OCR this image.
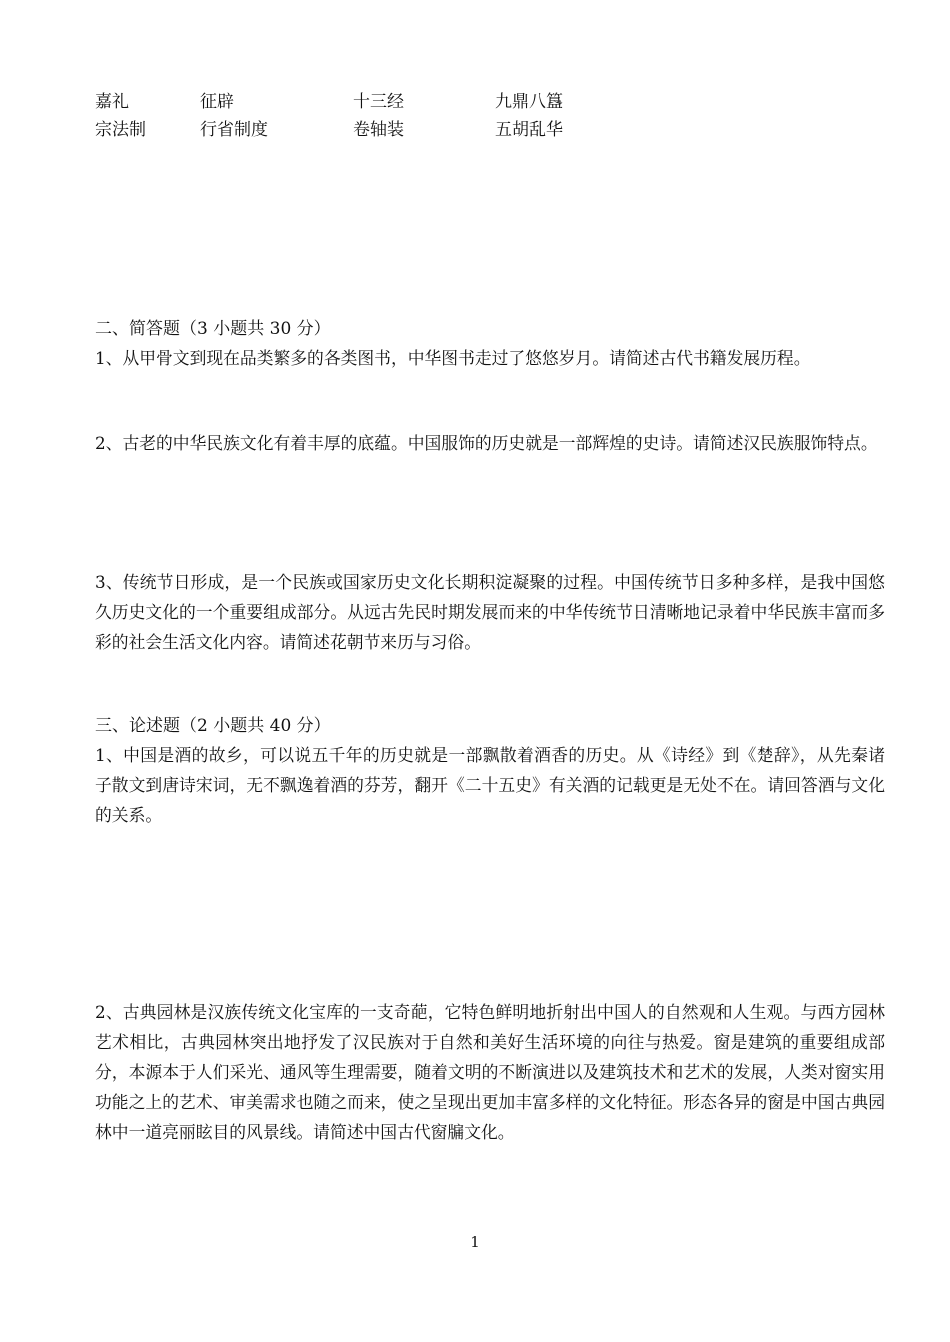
嘉礼	征辟	十三经	九鼎八簋
宗法制	行省制度	卷轴装	五胡乱华
二、简答题（3 小题共 30 分）

1、从甲骨文到现在品类繁多的各类图书，中华图书走过了悠悠岁月。请简述古代书籍发展历程。

2、古老的中华民族文化有着丰厚的底蕴。中国服饰的历史就是一部辉煌的史诗。请简述汉民族服饰特点。

3、传统节日形成，是一个民族或国家历史文化长期积淀凝聚的过程。中国传统节日多种多样，是我中国悠久历史文化的一个重要组成部分。从远古先民时期发展而来的中华传统节日清晰地记录着中华民族丰富而多彩的社会生活文化内容。请简述花朝节来历与习俗。

三、论述题（2 小题共 40 分）

1、中国是酒的故乡，可以说五千年的历史就是一部飘散着酒香的历史。从《诗经》到《楚辞》，从先秦诸子散文到唐诗宋词，无不飘逸着酒的芬芳，翻开《二十五史》有关酒的记载更是无处不在。请回答酒与文化的关系。

2、古典园林是汉族传统文化宝库的一支奇葩，它特色鲜明地折射出中国人的自然观和人生观。与西方园林艺术相比，古典园林突出地抒发了汉民族对于自然和美好生活环境的向往与热爱。窗是建筑的重要组成部分，本源本于人们采光、通风等生理需要，随着文明的不断演进以及建筑技术和艺术的发展，人类对窗实用功能之上的艺术、审美需求也随之而来，使之呈现出更加丰富多样的文化特征。形态各异的窗是中国古典园林中一道亮丽眩目的风景线。请简述中国古代窗牖文化。

1
